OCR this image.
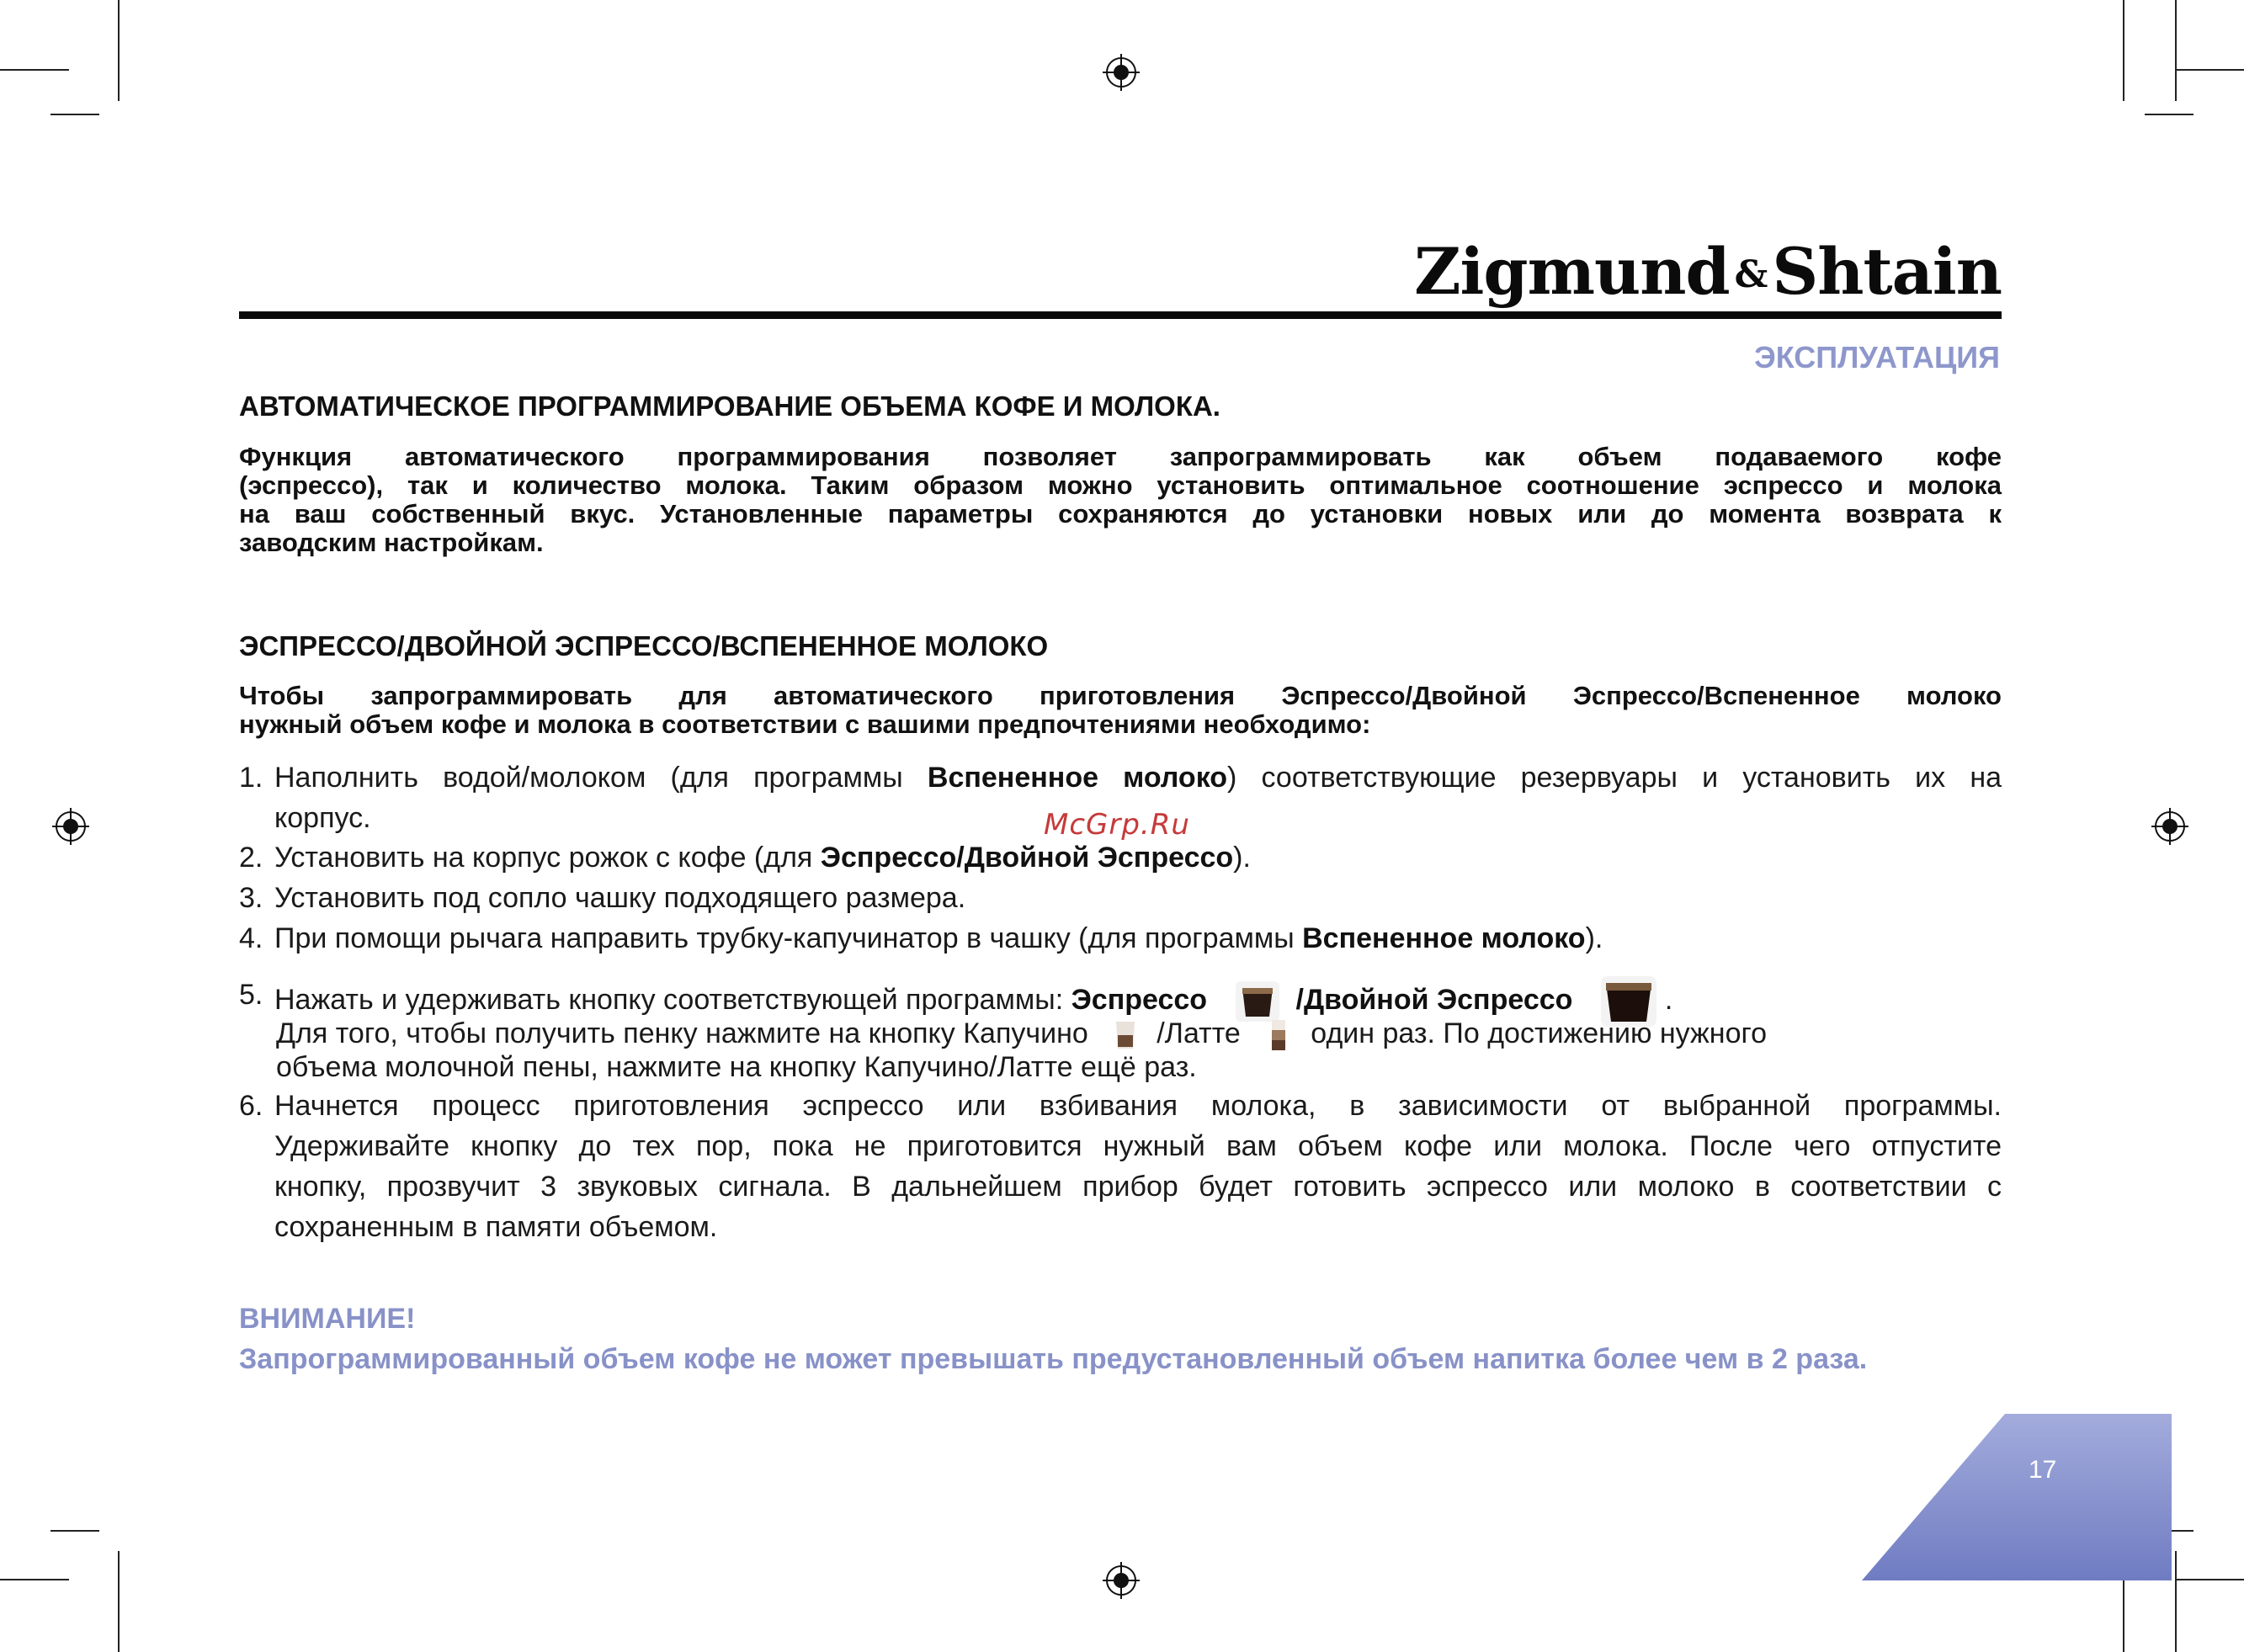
Zigmund &Shtain
ЭКСПЛУАТАЦИЯ
АВТОМАТИЧЕСКОЕ ПРОГРАММИРОВАНИЕ ОБЪЕМА КОФЕ И МОЛОКА.
Функция автоматического программирования позволяет запрограммировать как объем подаваемого кофе
(эспрессо), так и количество молока. Таким образом можно установить оптимальное соотношение эспрессо и молока
на ваш собственный вкус. Установленные параметры сохраняются до установки новых или до момента возврата к
заводским настройкам.
ЭСПРЕССО/ДВОЙНОЙ ЭСПРЕССО/ВСПЕНЕННОЕ МОЛОКО
Чтобы запрограммировать для автоматического приготовления Эспрессо/Двойной Эспрессо/Вспененное молоко
нужный объем кофе и молока в соответствии с вашими предпочтениями необходимо:
1. Наполнить водой/молоком (для программы Вспененное молоко) соответствующие резервуары и установить их на
корпус.	McGrp.Ru
2. Установить на корпус рожок с кофе (для Эспрессо/Двойной Эспрессо).
3. Установить под сопло чашку подходящего размера.
4. При помощи рычага направить трубку-капучинатор в чашку (для программы Вспененное молоко).
5. Нажать и удерживать кнопку соответствующей программы: Эспрессо	/Двойной Эспрессо	.
Для того, чтобы получить пенку нажмите на кнопку Капучино /Латте один раз. По достижению нужного
объема молочной пены, нажмите на кнопку Капучино/Латте ещё раз.
6. Начнется процесс приготовления эспрессо или взбивания молока, в зависимости от выбранной программы.
Удерживайте кнопку до тех пор, пока не приготовится нужный вам объем кофе или молока. После чего отпустите
кнопку, прозвучит 3 звуковых сигнала. В дальнейшем прибор будет готовить эспрессо или молоко в соответствии с
сохраненным в памяти объемом.
ВНИМАНИЕ!
Запрограммированный объем кофе не может превышать предустановленный объем напитка более чем в 2 раза.
17
